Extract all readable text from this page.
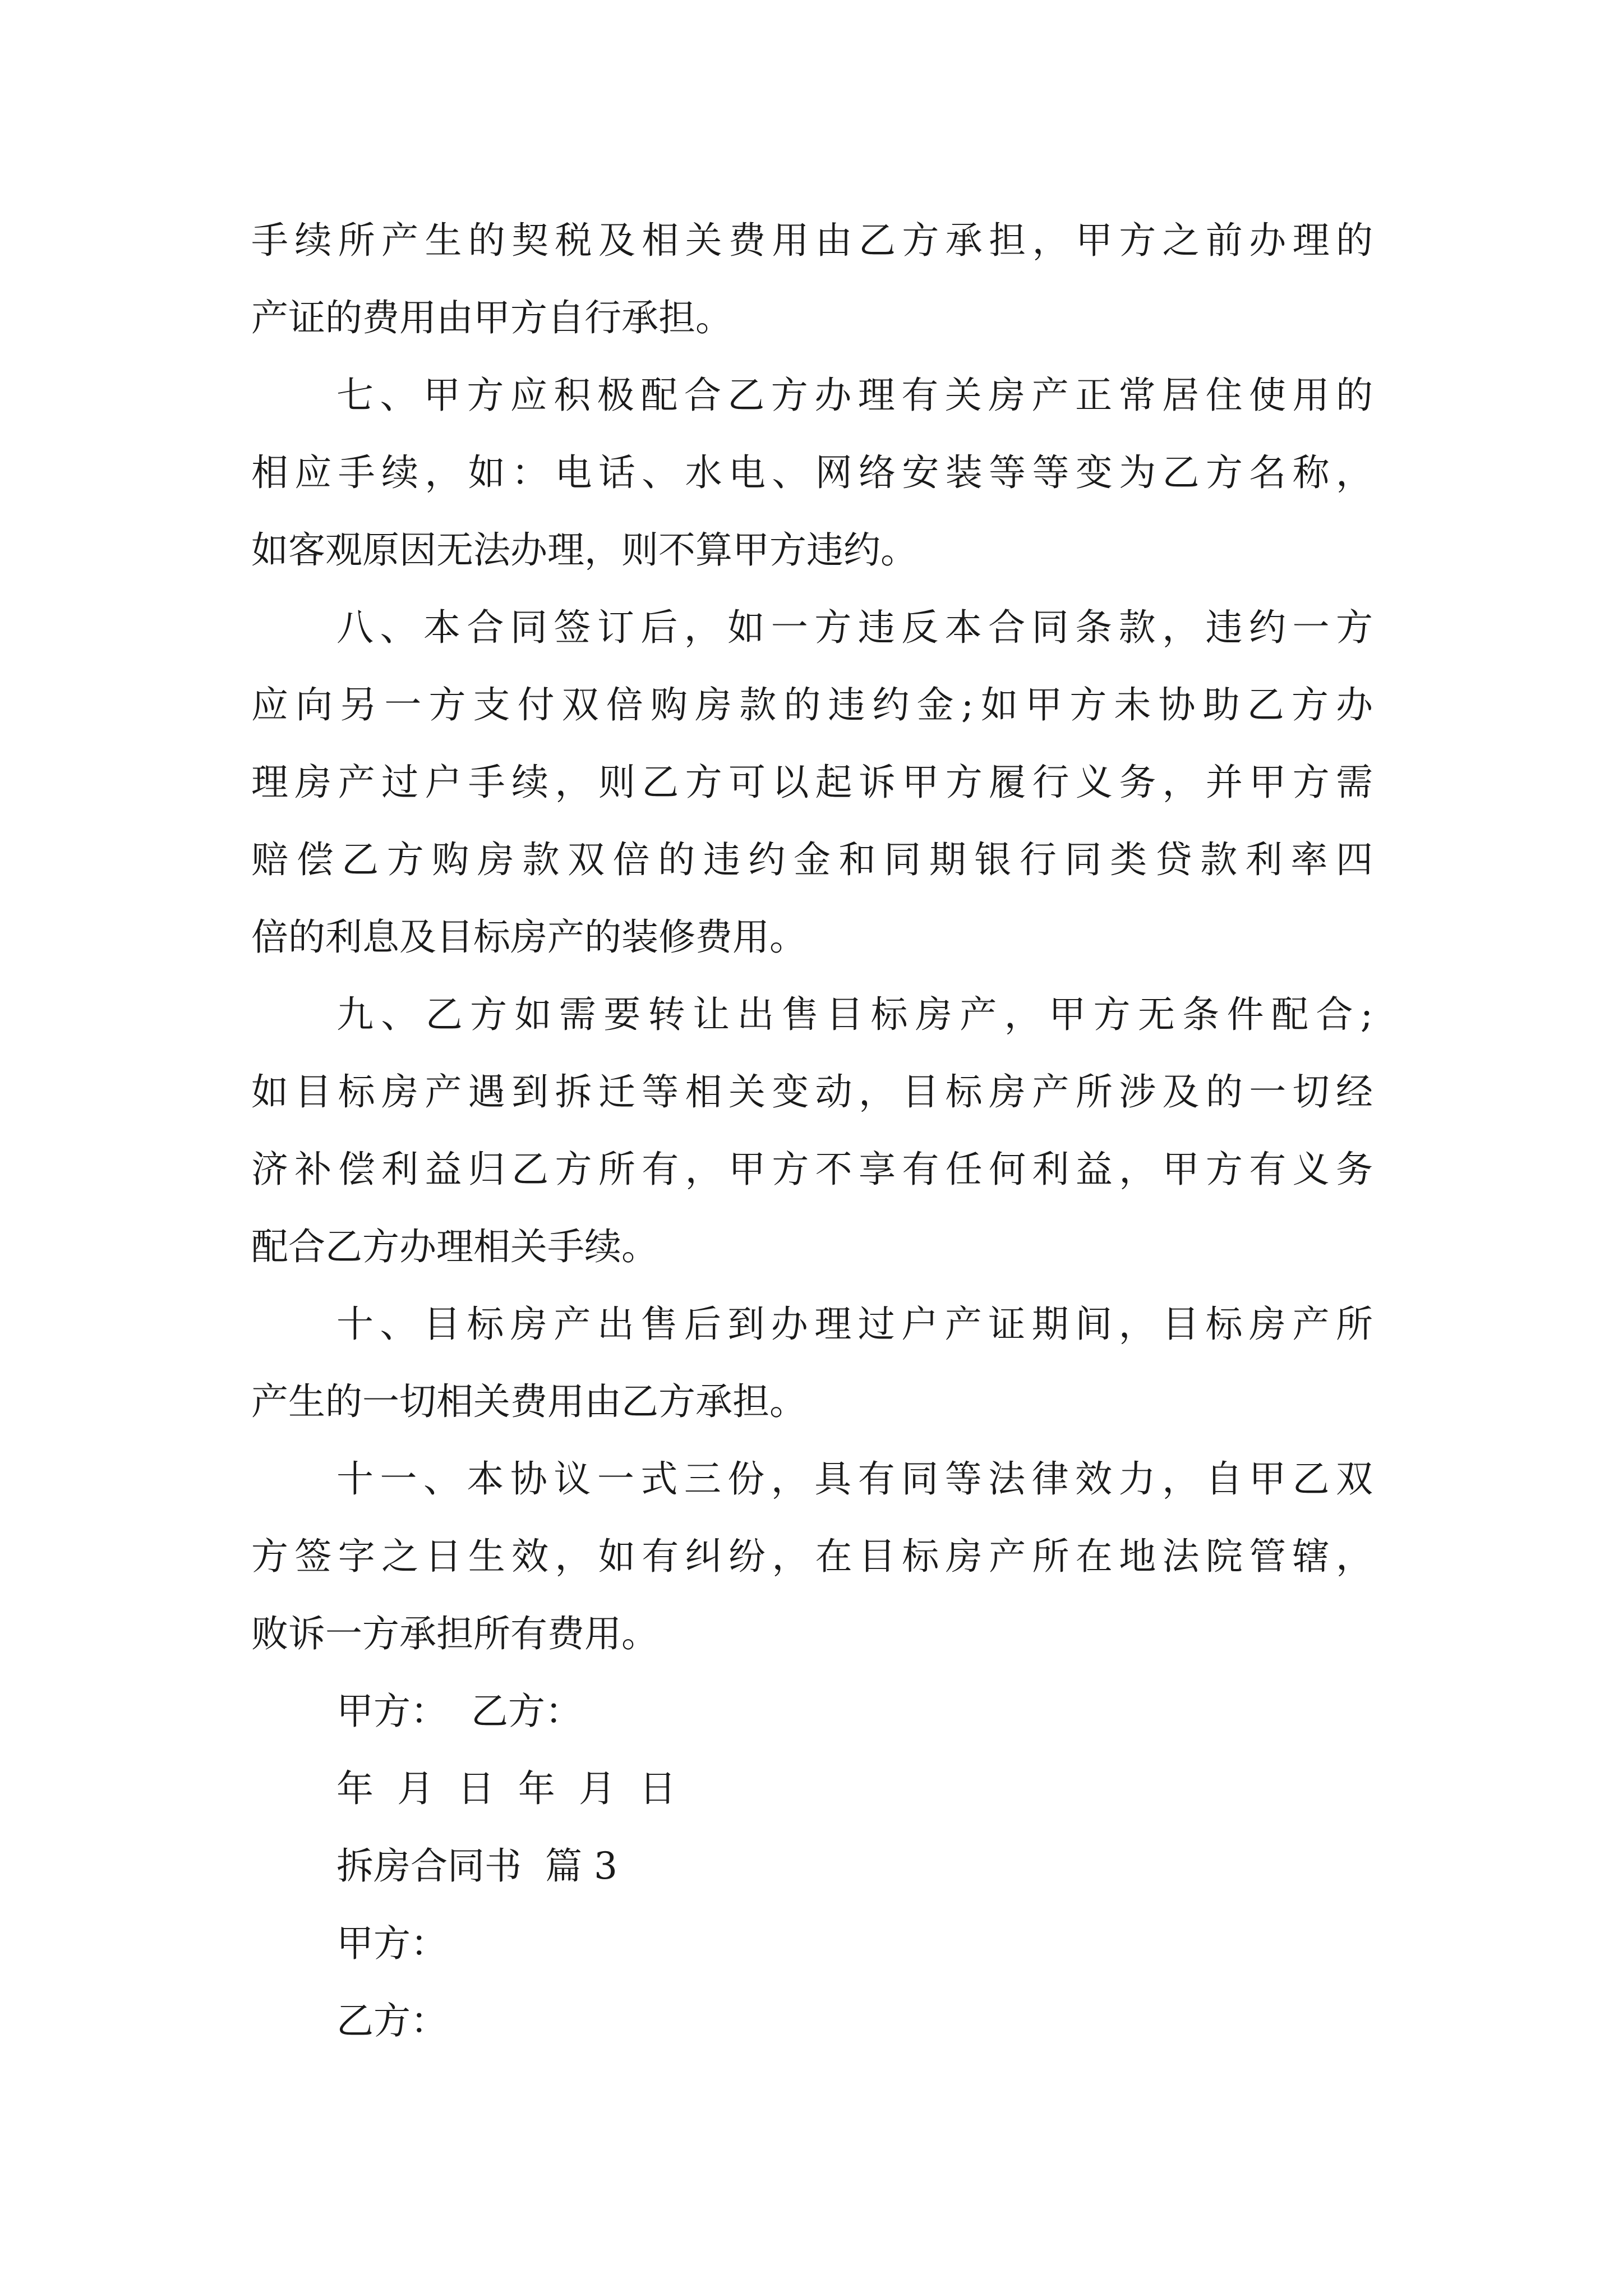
手续所产生的契税及相关费用由乙方承担，甲方之前办理的
产证的费用由甲方自行承担。
七、甲方应积极配合乙方办理有关房产正常居住使用的
相应手续，如：电话、水电、网络安装等等变为乙方名称，
如客观原因无法办理，则不算甲方违约。
八、本合同签订后，如一方违反本合同条款，违约一方
应向另一方支付双倍购房款的违约金;如甲方未协助乙方办
理房产过户手续，则乙方可以起诉甲方履行义务，并甲方需
赔偿乙方购房款双倍的违约金和同期银行同类贷款利率四
倍的利息及目标房产的装修费用。
九、乙方如需要转让出售目标房产，甲方无条件配合;
如目标房产遇到拆迁等相关变动，目标房产所涉及的一切经
济补偿利益归乙方所有，甲方不享有任何利益，甲方有义务
配合乙方办理相关手续。
十、目标房产出售后到办理过户产证期间，目标房产所
产生的一切相关费用由乙方承担。
十一、本协议一式三份，具有同等法律效力，自甲乙双
方签字之日生效，如有纠纷，在目标房产所在地法院管辖，
败诉一方承担所有费用。
甲方：  乙方：
年  月  日  年  月  日
拆房合同书  篇 3
甲方：
乙方：
